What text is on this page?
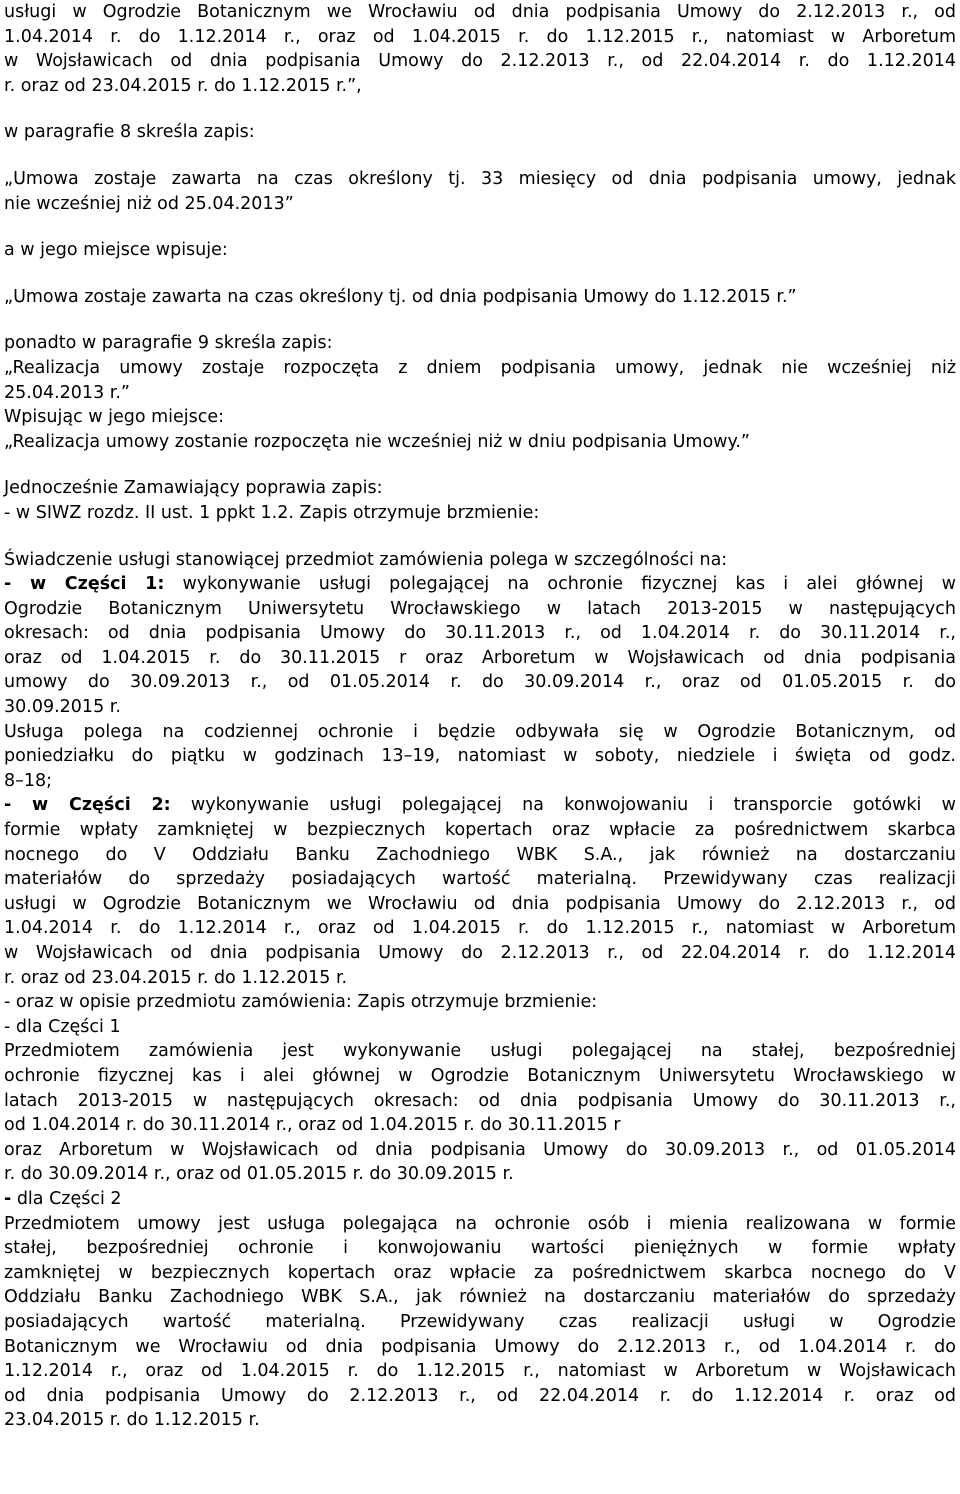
usługi w Ogrodzie Botanicznym we Wrocławiu od dnia podpisania Umowy do 2.12.2013 r., od
1.04.2014 r. do 1.12.2014 r., oraz od 1.04.2015 r. do 1.12.2015 r., natomiast w Arboretum
w Wojsławicach od dnia podpisania Umowy do 2.12.2013 r., od 22.04.2014 r. do 1.12.2014
r. oraz od 23.04.2015 r. do 1.12.2015 r.”,
w paragrafie 8 skreśla zapis:
„Umowa zostaje zawarta na czas określony tj. 33 miesięcy od dnia podpisania umowy, jednak
nie wcześniej niż od 25.04.2013”
a w jego miejsce wpisuje:
„Umowa zostaje zawarta na czas określony tj. od dnia podpisania Umowy do 1.12.2015 r.”
ponadto w paragrafie 9 skreśla zapis:
„Realizacja umowy zostaje rozpoczęta z dniem podpisania umowy, jednak nie wcześniej niż
25.04.2013 r.”
Wpisując w jego miejsce:
„Realizacja umowy zostanie rozpoczęta nie wcześniej niż w dniu podpisania Umowy.”
Jednocześnie Zamawiający poprawia zapis:
- w SIWZ rozdz. II ust. 1 ppkt 1.2. Zapis otrzymuje brzmienie:
Świadczenie usługi stanowiącej przedmiot zamówienia polega w szczególności na:
- w Części 1: wykonywanie usługi polegającej na ochronie fizycznej kas i alei głównej w
Ogrodzie Botanicznym Uniwersytetu Wrocławskiego w latach 2013-2015 w następujących
okresach: od dnia podpisania Umowy do 30.11.2013 r., od 1.04.2014 r. do 30.11.2014 r.,
oraz od 1.04.2015 r. do 30.11.2015 r oraz Arboretum w Wojsławicach od dnia podpisania
umowy do 30.09.2013 r., od 01.05.2014 r. do 30.09.2014 r., oraz od 01.05.2015 r. do
30.09.2015 r.
Usługa polega na codziennej ochronie i będzie odbywała się w Ogrodzie Botanicznym, od
poniedziałku do piątku w godzinach 13–19, natomiast w soboty, niedziele i święta od godz.
8–18;
- w Części 2: wykonywanie usługi polegającej na konwojowaniu i transporcie gotówki w
formie wpłaty zamkniętej w bezpiecznych kopertach oraz wpłacie za pośrednictwem skarbca
nocnego do V Oddziału Banku Zachodniego WBK S.A., jak również na dostarczaniu
materiałów do sprzedaży posiadających wartość materialną. Przewidywany czas realizacji
usługi w Ogrodzie Botanicznym we Wrocławiu od dnia podpisania Umowy do 2.12.2013 r., od
1.04.2014 r. do 1.12.2014 r., oraz od 1.04.2015 r. do 1.12.2015 r., natomiast w Arboretum
w Wojsławicach od dnia podpisania Umowy do 2.12.2013 r., od 22.04.2014 r. do 1.12.2014
r. oraz od 23.04.2015 r. do 1.12.2015 r.
- oraz w opisie przedmiotu zamówienia: Zapis otrzymuje brzmienie:
- dla Części 1
Przedmiotem zamówienia jest wykonywanie usługi polegającej na stałej, bezpośredniej
ochronie fizycznej kas i alei głównej w Ogrodzie Botanicznym Uniwersytetu Wrocławskiego w
latach 2013-2015 w następujących okresach: od dnia podpisania Umowy do 30.11.2013 r.,
od 1.04.2014 r. do 30.11.2014 r., oraz od 1.04.2015 r. do 30.11.2015 r
oraz Arboretum w Wojsławicach od dnia podpisania Umowy do 30.09.2013 r., od 01.05.2014
r. do 30.09.2014 r., oraz od 01.05.2015 r. do 30.09.2015 r.
- dla Części 2
Przedmiotem umowy jest usługa polegająca na ochronie osób i mienia realizowana w formie
stałej, bezpośredniej ochronie i konwojowaniu wartości pieniężnych w formie wpłaty
zamkniętej w bezpiecznych kopertach oraz wpłacie za pośrednictwem skarbca nocnego do V
Oddziału Banku Zachodniego WBK S.A., jak również na dostarczaniu materiałów do sprzedaży
posiadających wartość materialną. Przewidywany czas realizacji usługi w Ogrodzie
Botanicznym we Wrocławiu od dnia podpisania Umowy do 2.12.2013 r., od 1.04.2014 r. do
1.12.2014 r., oraz od 1.04.2015 r. do 1.12.2015 r., natomiast w Arboretum w Wojsławicach
od dnia podpisania Umowy do 2.12.2013 r., od 22.04.2014 r. do 1.12.2014 r. oraz od
23.04.2015 r. do 1.12.2015 r.
